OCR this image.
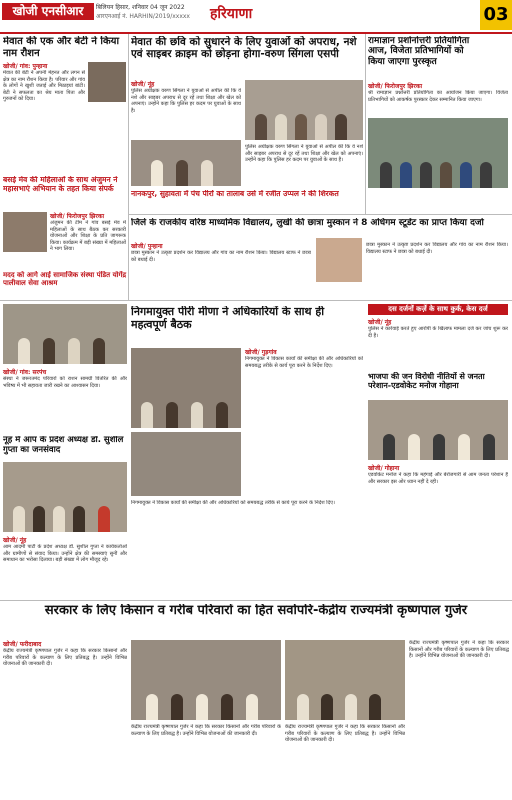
खोजी एनसीआर	बिलियन हिसार, शनिवार 04 जून 2022
आरएनआई नं. HARHIN/2019/xxxxx	हरियाणा	03
मेवात की एक और बेटी ने किया नाम रौशन
खोजी/ गांव: पुन्हाना
मेवात की बेटी ने अपनी मेहनत और लगन से क्षेत्र का नाम रौशन किया है। परिवार और गांव के लोगों ने खुशी जताई और मिठाइयां बांटी। बेटी ने सफलता का श्रेय माता पिता और गुरुजनों को दिया।
बसई मेव की महिलाओं के साथ अंजुमन ने महासभाएं अभियान के तहत किया संपर्क
खोजी/ फिरोजपुर झिरका
अंजुमन की टीम ने गांव बसई मेव में महिलाओं के साथ बैठक कर सरकारी योजनाओं और शिक्षा के प्रति जागरूक किया। कार्यक्रम में बड़ी संख्या में महिलाओं ने भाग लिया।
मदद को आगे आई सामाजिक संस्था पंडित योगेंद्र पालीवाल सेवा आश्रम
मेवात की छवि को सुधारने के लिए युवाओं को अपराध, नशे एवं साइबर क्राइम को छोड़ना होगा-वरुण सिंगला एसपी
खोजी/ नूंह
पुलिस अधीक्षक वरुण सिंगला ने युवाओं से अपील की कि वे नशे और साइबर अपराध से दूर रहें तथा शिक्षा और खेल को अपनाएं। उन्होंने कहा कि पुलिस हर कदम पर युवाओं के साथ है।
पुलिस अधीक्षक वरुण सिंगला ने युवाओं से अपील की कि वे नशे और साइबर अपराध से दूर रहें तथा शिक्षा और खेल को अपनाएं। उन्होंने कहा कि पुलिस हर कदम पर युवाओं के साथ है।
नानकपुर, सुहावता में पंच पीरों का तालाब उसे में रजीत उप्पल ने की शिरकत
रामाज्ञान प्रशोनोत्तरी प्रतियोगिता आज, विजेता प्रतिभागियों को किया जाएगा पुरस्कृत
खोजी/ फिरोजपुर झिरका
श्री रामाज्ञान प्रश्नोत्तरी प्रतियोगिता का आयोजन किया जाएगा। विजेता प्रतिभागियों को आकर्षक पुरस्कार देकर सम्मानित किया जाएगा।
जिले के राजकीय वरिष्ठ माध्यमिक विद्यालय, लुखी की छात्रा मुस्कान ने 8 अधिगम स्टूडेंट का प्राप्त किया दर्जा
खोजी/ पुन्हाना
छात्रा मुस्कान ने उत्कृष्ट प्रदर्शन कर विद्यालय और गांव का नाम रौशन किया। विद्यालय स्टाफ ने छात्रा को बधाई दी।
छात्रा मुस्कान ने उत्कृष्ट प्रदर्शन कर विद्यालय और गांव का नाम रौशन किया। विद्यालय स्टाफ ने छात्रा को बधाई दी।
खोजी/ गांव: सरपंच
संस्था ने जरूरतमंद परिवारों को राशन सामग्री वितरित की और भविष्य में भी सहायता जारी रखने का आश्वासन दिया।
नूंह में आप के प्रदेश अध्यक्ष डॉ. सुशील गुप्ता का जनसंवाद
खोजी/ नूंह
आम आदमी पार्टी के प्रदेश अध्यक्ष डॉ. सुशील गुप्ता ने कार्यकर्ताओं और ग्रामीणों से संवाद किया। उन्होंने क्षेत्र की समस्याएं सुनीं और समाधान का भरोसा दिलाया। बड़ी संख्या में लोग मौजूद रहे।
दस दर्जनों कर्ज़े के साथ कुर्क, केस दर्ज
खोजी/ नूंह
पुलिस ने कार्रवाई करते हुए आरोपी के खिलाफ मामला दर्ज कर जांच शुरू कर दी है।
निगमायुक्त पीरी मीणा ने अधिकारियों के साथ ही महत्वपूर्ण बैठक
खोजी/ गुड़गांव
निगमायुक्त ने विकास कार्यों की समीक्षा की और अधिकारियों को समयबद्ध तरीके से कार्य पूरा करने के निर्देश दिए।
निगमायुक्त ने विकास कार्यों की समीक्षा की और अधिकारियों को समयबद्ध तरीके से कार्य पूरा करने के निर्देश दिए।
भाजपा की जन विरोधी नीतियों से जनता परेशान-एडवोकेट मनोज गोहाना
खोजी/ गोहाना
एडवोकेट मनोज ने कहा कि महंगाई और बेरोजगारी से आम जनता परेशान है और सरकार इस ओर ध्यान नहीं दे रही।
सरकार के लिए किसान व गरीब परिवारों का हित सर्वोपरि-केंद्रीय राज्यमंत्री कृष्णपाल गुर्जर
खोजी/ फरीदाबाद
केंद्रीय राज्यमंत्री कृष्णपाल गुर्जर ने कहा कि सरकार किसानों और गरीब परिवारों के कल्याण के लिए प्रतिबद्ध है। उन्होंने विभिन्न योजनाओं की जानकारी दी।
केंद्रीय राज्यमंत्री कृष्णपाल गुर्जर ने कहा कि सरकार किसानों और गरीब परिवारों के कल्याण के लिए प्रतिबद्ध है। उन्होंने विभिन्न योजनाओं की जानकारी दी।
केंद्रीय राज्यमंत्री कृष्णपाल गुर्जर ने कहा कि सरकार किसानों और गरीब परिवारों के कल्याण के लिए प्रतिबद्ध है। उन्होंने विभिन्न योजनाओं की जानकारी दी।
केंद्रीय राज्यमंत्री कृष्णपाल गुर्जर ने कहा कि सरकार किसानों और गरीब परिवारों के कल्याण के लिए प्रतिबद्ध है। उन्होंने विभिन्न योजनाओं की जानकारी दी।
